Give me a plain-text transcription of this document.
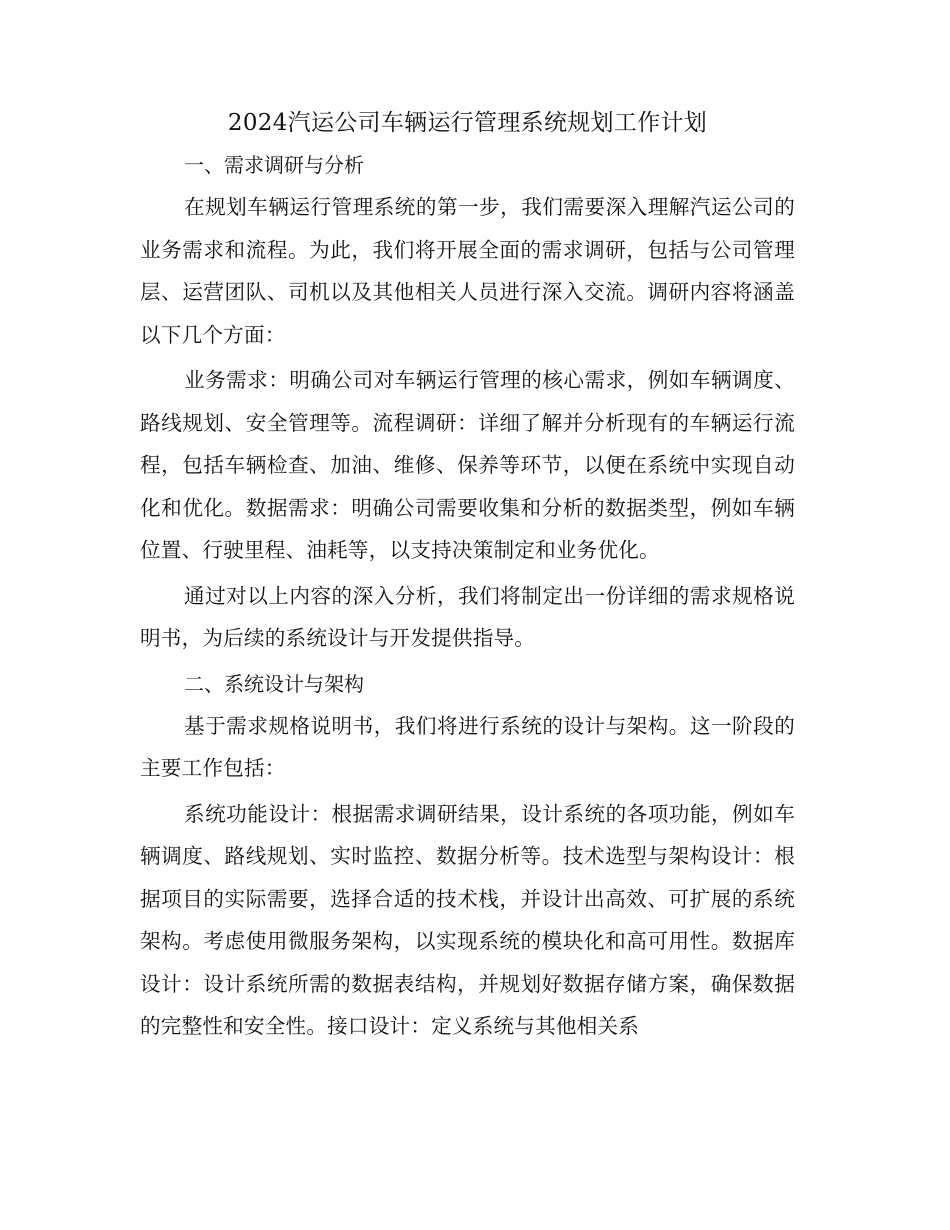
2024汽运公司车辆运行管理系统规划工作计划
一、需求调研与分析

在规划车辆运行管理系统的第一步，我们需要深入理解汽运公司的业务需求和流程。为此，我们将开展全面的需求调研，包括与公司管理层、运营团队、司机以及其他相关人员进行深入交流。调研内容将涵盖以下几个方面：

业务需求：明确公司对车辆运行管理的核心需求，例如车辆调度、路线规划、安全管理等。流程调研：详细了解并分析现有的车辆运行流程，包括车辆检查、加油、维修、保养等环节，以便在系统中实现自动化和优化。数据需求：明确公司需要收集和分析的数据类型，例如车辆位置、行驶里程、油耗等，以支持决策制定和业务优化。

通过对以上内容的深入分析，我们将制定出一份详细的需求规格说明书，为后续的系统设计与开发提供指导。

二、系统设计与架构

基于需求规格说明书，我们将进行系统的设计与架构。这一阶段的主要工作包括：

系统功能设计：根据需求调研结果，设计系统的各项功能，例如车辆调度、路线规划、实时监控、数据分析等。技术选型与架构设计：根据项目的实际需要，选择合适的技术栈，并设计出高效、可扩展的系统架构。考虑使用微服务架构，以实现系统的模块化和高可用性。数据库设计：设计系统所需的数据表结构，并规划好数据存储方案，确保数据的完整性和安全性。接口设计：定义系统与其他相关系
